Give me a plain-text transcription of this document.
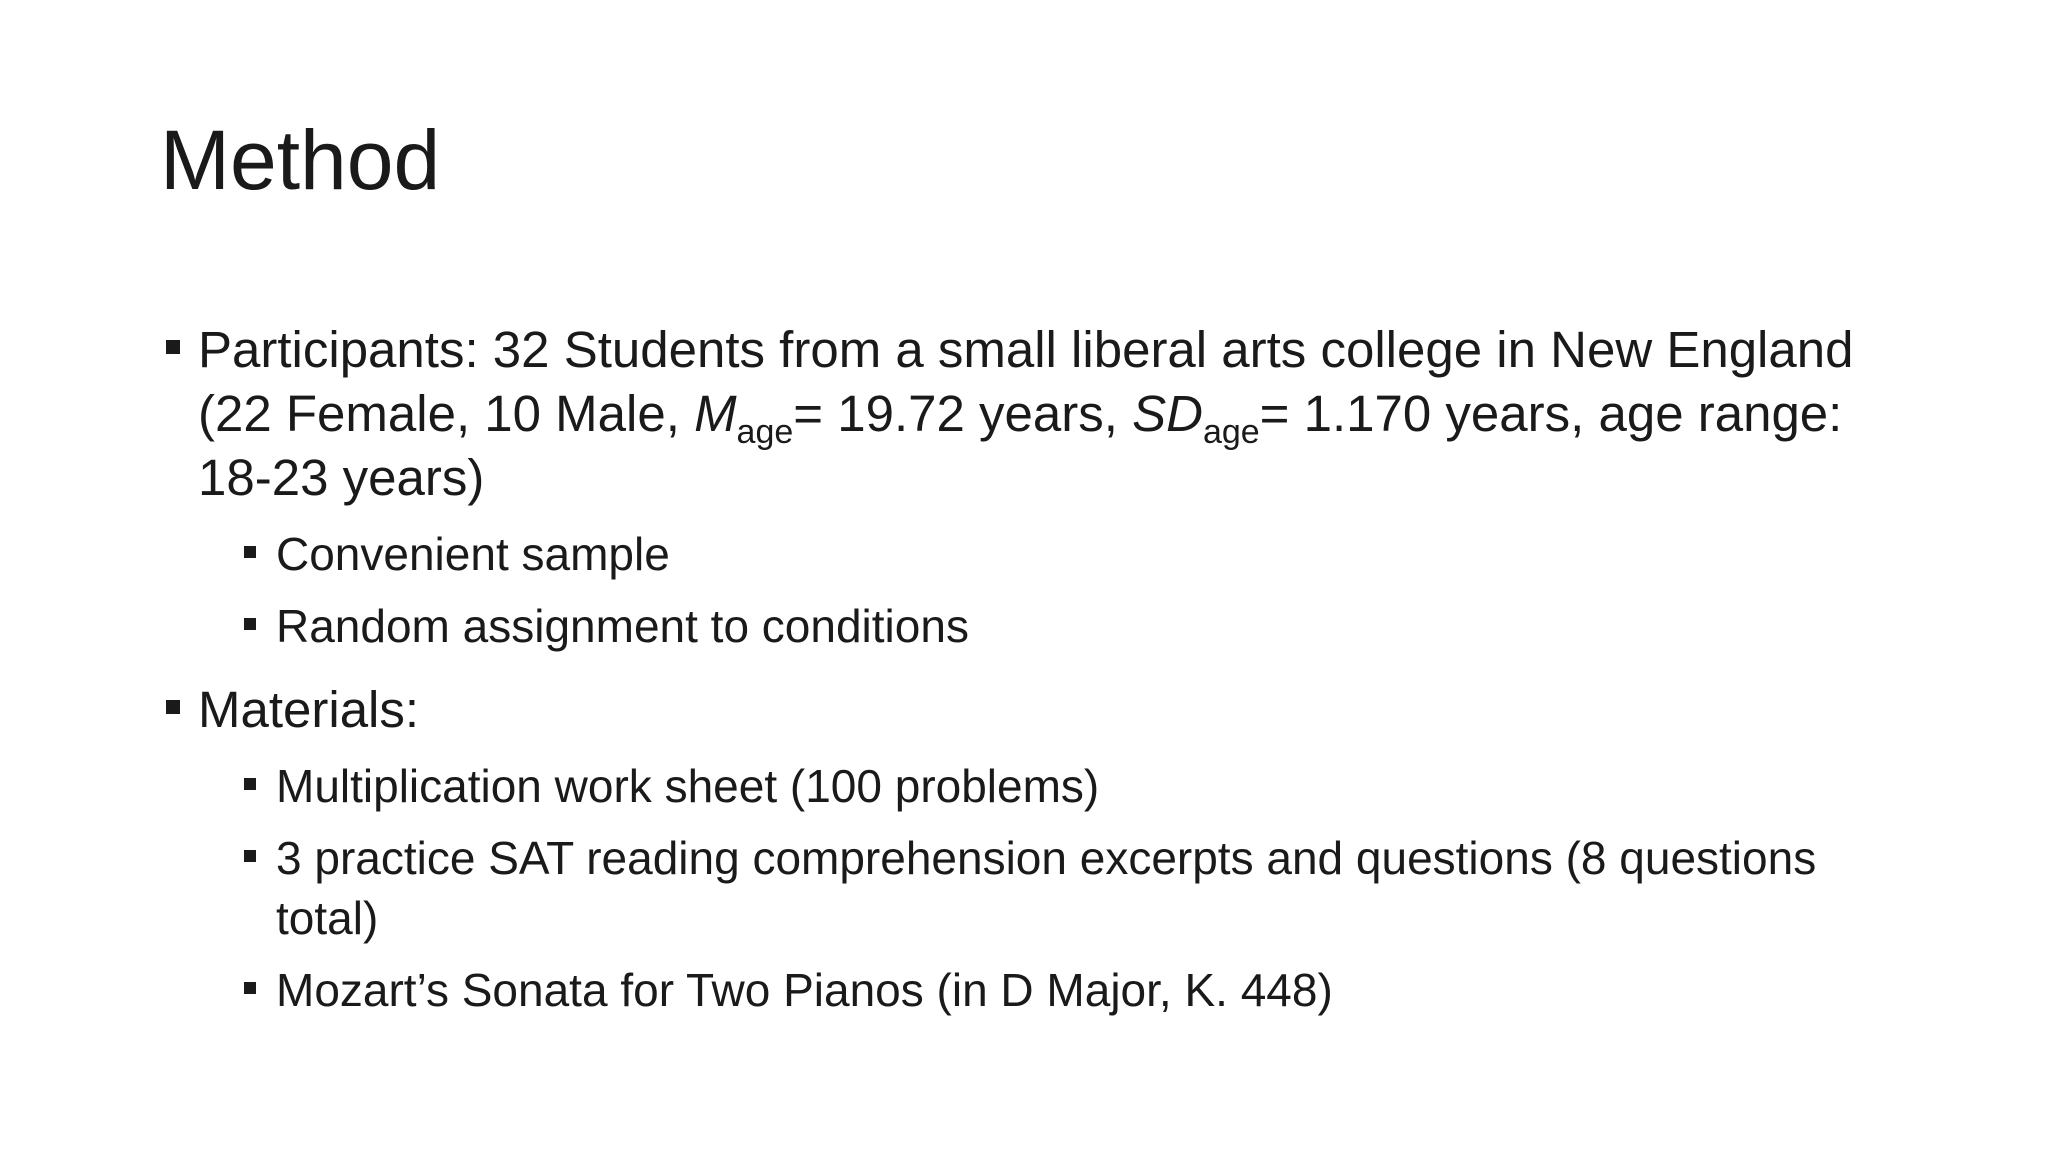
Method
Participants: 32 Students from a small liberal arts college in New England (22 Female, 10 Male, $M_{age}= 19.72$ years, $SD_{age}= 1.170$ years, age range: 18-23 years)
Convenient sample
Random assignment to conditions
Materials:
Multiplication work sheet (100 problems)
3 practice SAT reading comprehension excerpts and questions (8 questions total)
Mozart’s Sonata for Two Pianos (in D Major, K. 448)
